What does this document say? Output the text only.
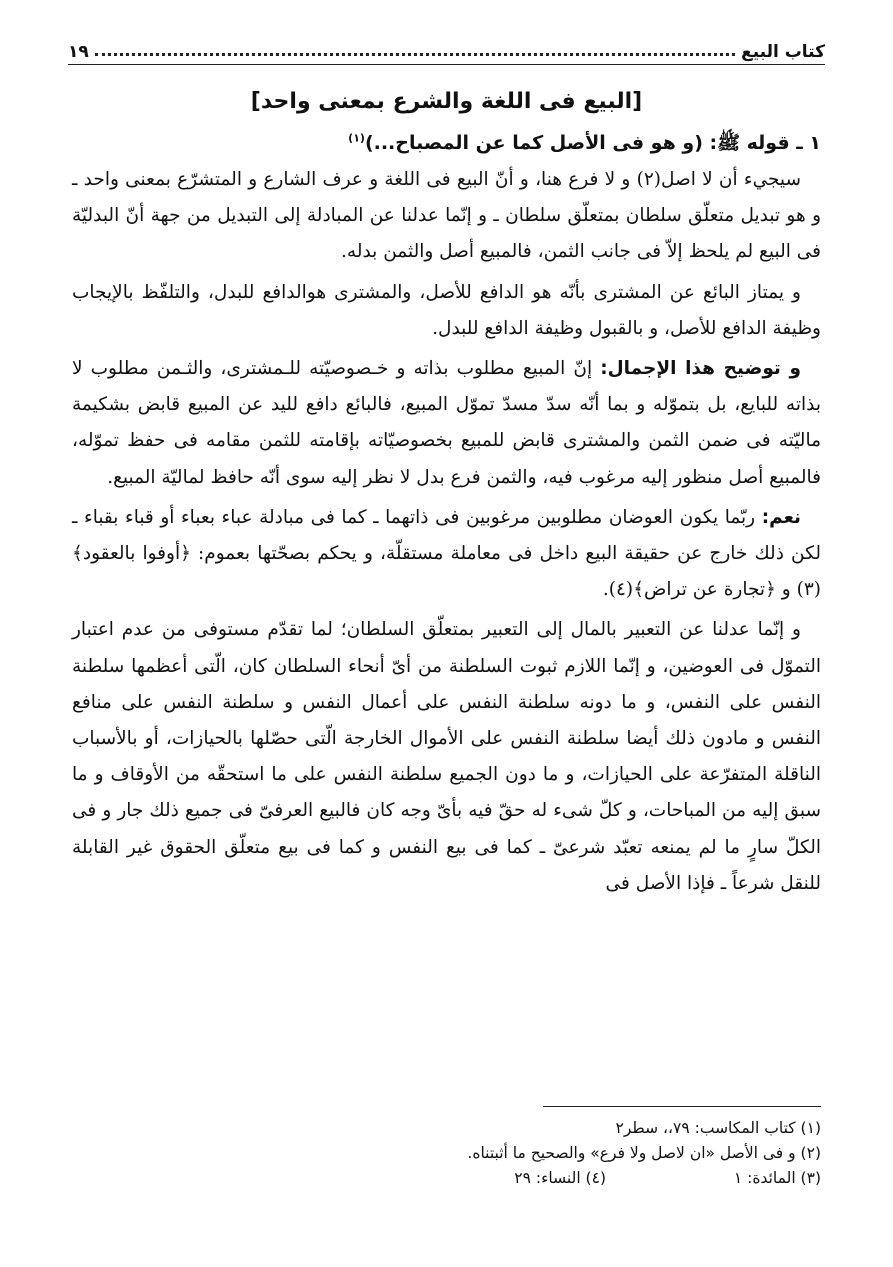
كتاب البيع
١٩
[البيع فى اللغة والشرع بمعنى واحد]
١ ـ قوله ﷺ: (و هو فى الأصل كما عن المصباح...)$^{(١)}$

سيجيء أن لا اصل(٢) و لا فرع هنا، و أنّ البيع فى اللغة و عرف الشارع و المتشرّع بمعنى واحد ـ و هو تبديل متعلّق سلطان بمتعلّق سلطان ـ و إنّما عدلنا عن المبادلة إلى التبديل من جهة أنّ البدليّة فى البيع لم يلحظ إلاّ فى جانب الثمن، فالمبيع أصل والثمن بدله.

و يمتاز البائع عن المشترى بأنّه هو الدافع للأصل، والمشترى هوالدافع للبدل، والتلفّظ بالإيجاب وظيفة الدافع للأصل، و بالقبول وظيفة الدافع للبدل.

و توضيح هذا الإجمال: إنّ المبيع مطلوب بذاته و خـصوصيّته للـمشترى، والثـمن مطلوب لا بذاته للبايع، بل بتموّله و بما أنّه سدّ مسدّ تموّل المبيع، فالبائع دافع لليد عن المبيع قابض بشكيمة ماليّته فى ضمن الثمن والمشترى قابض للمبيع بخصوصيّاته بإقامته للثمن مقامه فى حفظ تموّله، فالمبيع أصل منظور إليه مرغوب فيه، والثمن فرع بدل لا نظر إليه سوى أنّه حافظ لماليّة المبيع.

نعم: ربّما يكون العوضان مطلوبين مرغوبين فى ذاتهما ـ كما فى مبادلة عباء بعباء أو قباء بقباء ـ لكن ذلك خارج عن حقيقة البيع داخل فى معاملة مستقلّة، و يحكم بصحّتها بعموم: ﴿أوفوا بالعقود﴾(٣) و ﴿تجارة عن تراض﴾(٤).

و إنّما عدلنا عن التعبير بالمال إلى التعبير بمتعلّق السلطان؛ لما تقدّم مستوفى من عدم اعتبار التموّل فى العوضين، و إنّما اللازم ثبوت السلطنة من أىّ أنحاء السلطان كان، الّتى أعظمها سلطنة النفس على النفس، و ما دونه سلطنة النفس على أعمال النفس و سلطنة النفس على منافع النفس و مادون ذلك أيضا سلطنة النفس على الأموال الخارجة الّتى حصّلها بالحيازات، أو بالأسباب الناقلة المتفرّعة على الحيازات، و ما دون الجميع سلطنة النفس على ما استحقّه من الأوقاف و ما سبق إليه من المباحات، و كلّ شىء له حقّ فيه بأىّ وجه كان فالبيع العرفىّ فى جميع ذلك جار و فى الكلّ سارٍ ما لم يمنعه تعبّد شرعىّ ـ كما فى بيع النفس و كما فى بيع متعلّق الحقوق غير القابلة للنقل شرعاً ـ فإذا الأصل فى

(١) كتاب المكاسب: ٧٩،، سطر٢
(٢) و فى الأصل «ان لاصل ولا فرع» والصحيح ما أثبتناه.
(٣) المائدة: ١
(٤) النساء: ٢٩
